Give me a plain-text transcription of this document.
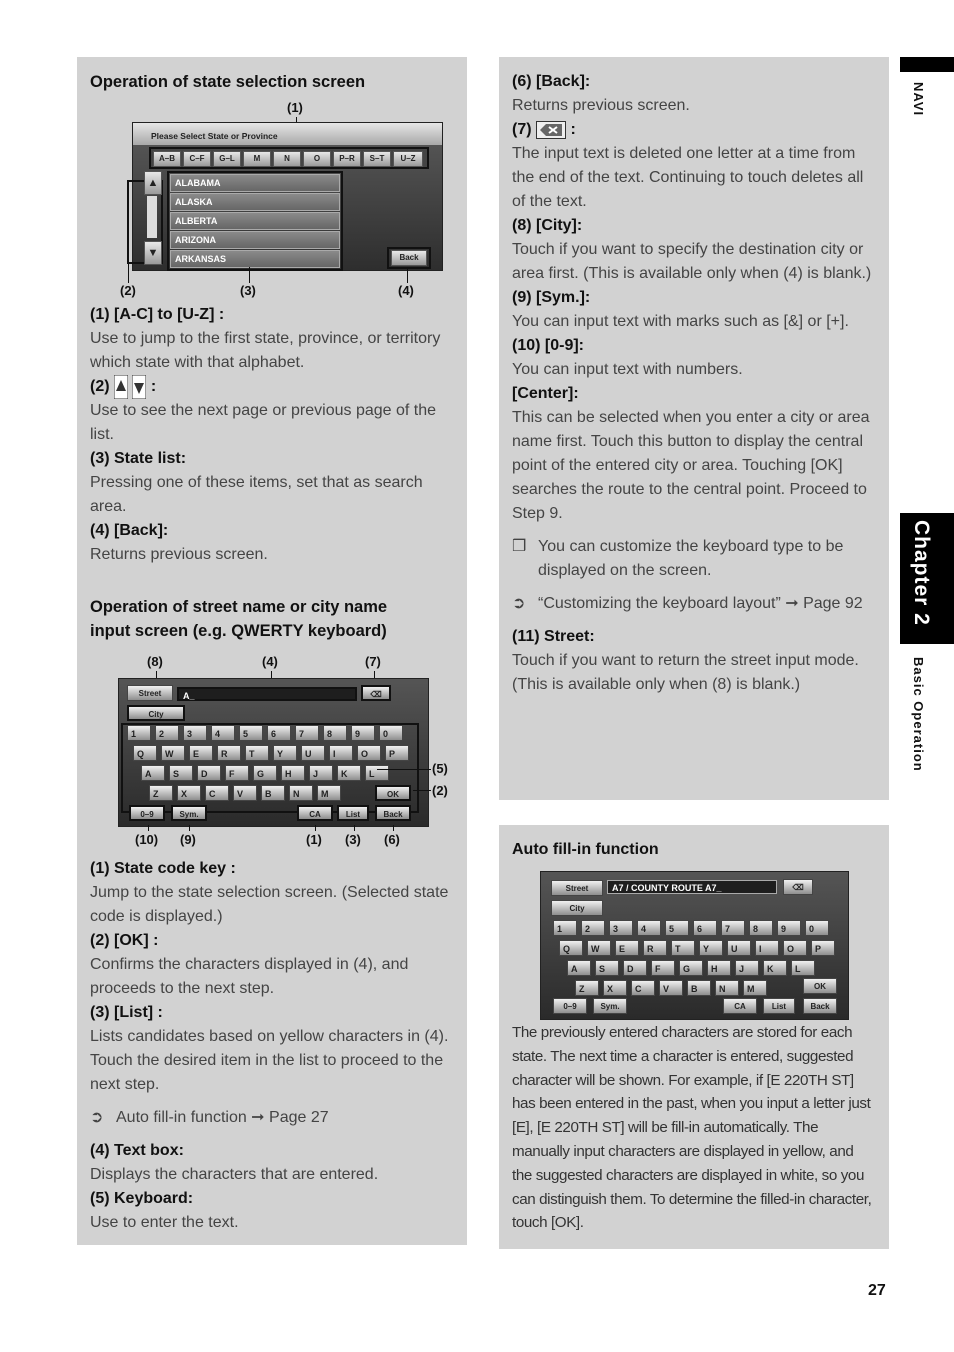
NAVI
Chapter 2
Basic Operation
27
Operation of state selection screen
(1)
Please Select State or Province
A–B	C–F	G–L	M	N	O	P–R	S–T	U–Z
▲
▼
ALABAMA
ALASKA
ALBERTA
ARIZONA
ARKANSAS	Back
(2)	(3)	(4)
(1) [A-C] to [U-Z] :
Use to jump to the first state, province, or territory which state with that alphabet.
(2)	:
Use to see the next page or previous page of the list.
(3) State list:
Pressing one of these items, set that as search area.
(4) [Back]:
Returns previous screen.
Operation of street name or city name
input screen (e.g. QWERTY keyboard)
(8)	(4)	(7)
Street	A_	⌫
City
1	2	3	4	5	6	7	8	9	0
Q	W	E	R	T	Y	U	I	O	P
A	S	D	F	G	H	J	K	L
Z	X	C	V	B	N	M	OK
0–9	Sym.	CA	List	Back
(5)
(2)
(10) (9)	(1) (3) (6)
(1) State code key :
Jump to the state selection screen. (Selected state code is displayed.)
(2) [OK] :
Confirms the characters displayed in (4), and proceeds to the next step.
(3) [List] :
Lists candidates based on yellow characters in (4). Touch the desired item in the list to proceed to the next step.
➲ Auto fill-in function ➞ Page 27
(4) Text box:
Displays the characters that are entered.
(5) Keyboard:
Use to enter the text.
(6) [Back]:
Returns previous screen.
(7) :
The input text is deleted one letter at a time from the end of the text. Continuing to touch deletes all of the text.
(8) [City]:
Touch if you want to specify the destination city or area first. (This is available only when (4) is blank.)
(9) [Sym.]:
You can input text with marks such as [&] or [+].
(10) [0-9]:
You can input text with numbers.
[Center]:
This can be selected when you enter a city or area name first. Touch this button to display the central point of the entered city or area. Touching [OK] searches the route to the central point. Proceed to Step 9.
❒ You can customize the keyboard type to be displayed on the screen.
➲ “Customizing the keyboard layout” ➞ Page 92
(11) Street:
Touch if you want to return the street input mode. (This is available only when (8) is blank.)
Auto fill-in function
Street	A7 / COUNTY ROUTE A7_	⌫
City
1	2	3	4	5	6	7	8	9	0
Q	W	E	R	T	Y	U	I	O	P
A	S	D	F	G	H	J	K	L
Z	X	C	V	B	N	M	OK
0–9	Sym.	CA	List	Back
The previously entered characters are stored for each state. The next time a character is entered, suggested character will be shown. For example, if [E 220TH ST] has been entered in the past, when you input a letter just [E], [E 220TH ST] will be fill-in automatically. The manually input characters are displayed in yellow, and the suggested characters are displayed in white, so you can distinguish them. To determine the filled-in character, touch [OK].
